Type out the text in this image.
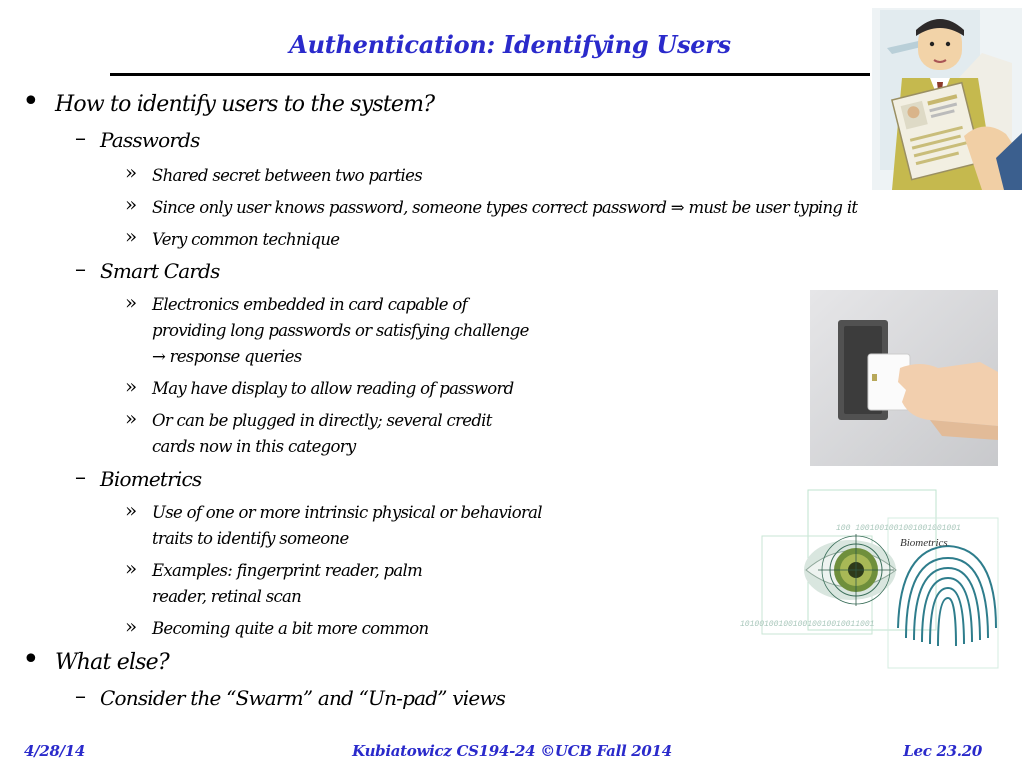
Authentication: Identifying Users
• How to identify users to the system?
– Passwords
» Shared secret between two parties
» Since only user knows password, someone types correct password ⇒ must be user typing it
» Very common technique
– Smart Cards
» Electronics embedded in card capable of providing long passwords or satisfying challenge → response queries
» May have display to allow reading of password
» Or can be plugged in directly; several credit cards now in this category
– Biometrics
» Use of one or more intrinsic physical or behavioral traits to identify someone
» Examples: fingerprint reader, palm reader, retinal scan
» Becoming quite a bit more common
• What else?
– Consider the “Swarm” and “Un-pad” views
Biometrics
100 1001001001001001001001
1010010010010010010010011001
4/28/14	Kubiatowicz CS194-24 ©UCB Fall 2014	Lec 23.20
